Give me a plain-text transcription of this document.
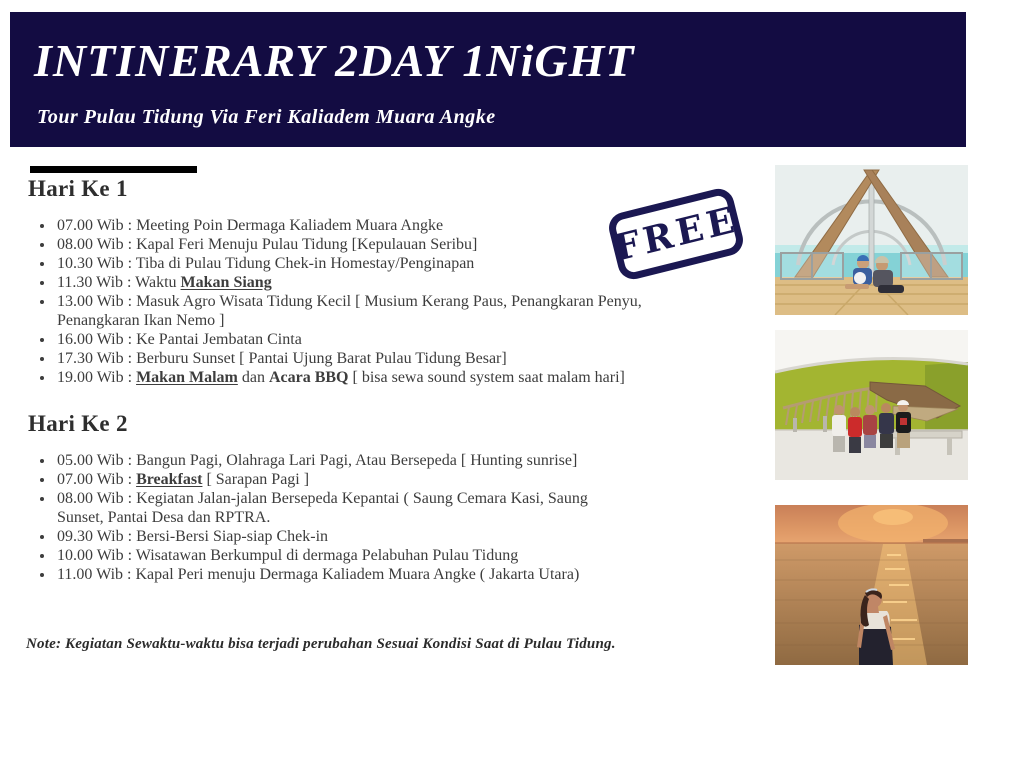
INTINERARY 2DAY 1NiGHT
Tour Pulau Tidung Via Feri Kaliadem Muara Angke
Hari Ke 1
• 07.00 Wib : Meeting Poin Dermaga Kaliadem Muara Angke
• 08.00 Wib : Kapal Feri Menuju Pulau Tidung [Kepulauan Seribu]
• 10.30 Wib : Tiba di Pulau Tidung Chek-in Homestay/Penginapan
• 11.30 Wib : Waktu Makan Siang
• 13.00 Wib : Masuk Agro Wisata Tidung Kecil [ Musium Kerang Paus, Penangkaran Penyu,
Penangkaran Ikan Nemo ]
• 16.00 Wib : Ke Pantai Jembatan Cinta
• 17.30 Wib : Berburu Sunset [ Pantai Ujung Barat Pulau Tidung Besar]
• 19.00 Wib : Makan Malam dan Acara BBQ [ bisa sewa sound system saat malam hari]
Hari Ke 2
• 05.00 Wib : Bangun Pagi, Olahraga Lari Pagi, Atau Bersepeda [ Hunting sunrise]
• 07.00 Wib : Breakfast [ Sarapan Pagi ]
• 08.00 Wib : Kegiatan Jalan-jalan Bersepeda Kepantai ( Saung Cemara Kasi, Saung
Sunset, Pantai Desa dan RPTRA.
• 09.30 Wib : Bersi-Bersi Siap-siap Chek-in
• 10.00 Wib : Wisatawan Berkumpul di dermaga Pelabuhan Pulau Tidung
• 11.00 Wib : Kapal Peri menuju Dermaga Kaliadem Muara Angke ( Jakarta Utara)
Note: Kegiatan Sewaktu-waktu bisa terjadi perubahan Sesuai Kondisi Saat di Pulau Tidung.
FREE
